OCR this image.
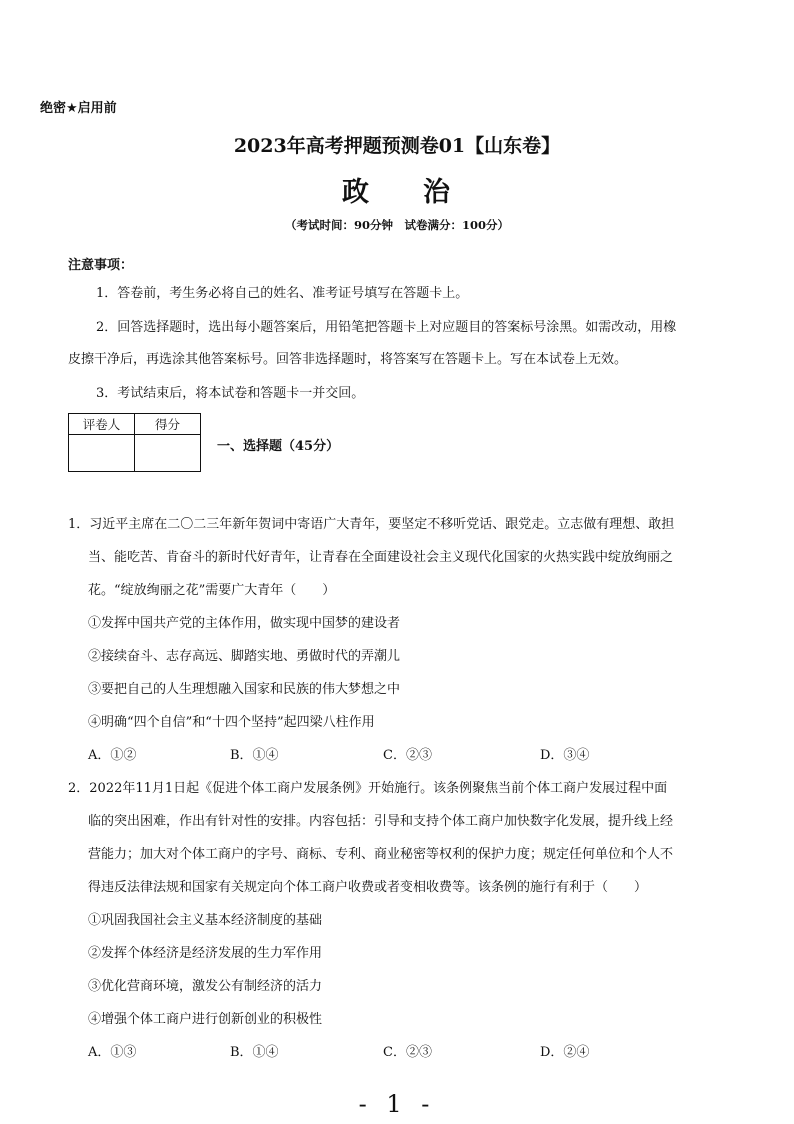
绝密★启用前
2023年高考押题预测卷01【山东卷】
政 治
（考试时间：90分钟　试卷满分：100分）
注意事项：
1．答卷前，考生务必将自己的姓名、准考证号填写在答题卡上。
2．回答选择题时，选出每小题答案后，用铅笔把答题卡上对应题目的答案标号涂黑。如需改动，用橡
皮擦干净后，再选涂其他答案标号。回答非选择题时，将答案写在答题卡上。写在本试卷上无效。
3．考试结束后，将本试卷和答题卡一并交回。
评卷人	得分

一、选择题（45分）
1．习近平主席在二〇二三年新年贺词中寄语广大青年，要坚定不移听党话、跟党走。立志做有理想、敢担
当、能吃苦、肯奋斗的新时代好青年，让青春在全面建设社会主义现代化国家的火热实践中绽放绚丽之
花。“绽放绚丽之花”需要广大青年（　　）
①发挥中国共产党的主体作用，做实现中国梦的建设者
②接续奋斗、志存高远、脚踏实地、勇做时代的弄潮儿
③要把自己的人生理想融入国家和民族的伟大梦想之中
④明确“四个自信”和“十四个坚持”起四梁八柱作用
A．①②	B．①④	C．②③	D．③④
2．2022年11月1日起《促进个体工商户发展条例》开始施行。该条例聚焦当前个体工商户发展过程中面
临的突出困难，作出有针对性的安排。内容包括：引导和支持个体工商户加快数字化发展，提升线上经
营能力；加大对个体工商户的字号、商标、专利、商业秘密等权利的保护力度；规定任何单位和个人不
得违反法律法规和国家有关规定向个体工商户收费或者变相收费等。该条例的施行有利于（　　）
①巩固我国社会主义基本经济制度的基础
②发挥个体经济是经济发展的生力军作用
③优化营商环境，激发公有制经济的活力
④增强个体工商户进行创新创业的积极性
A．①③	B．①④	C．②③	D．②④
- 1 -
